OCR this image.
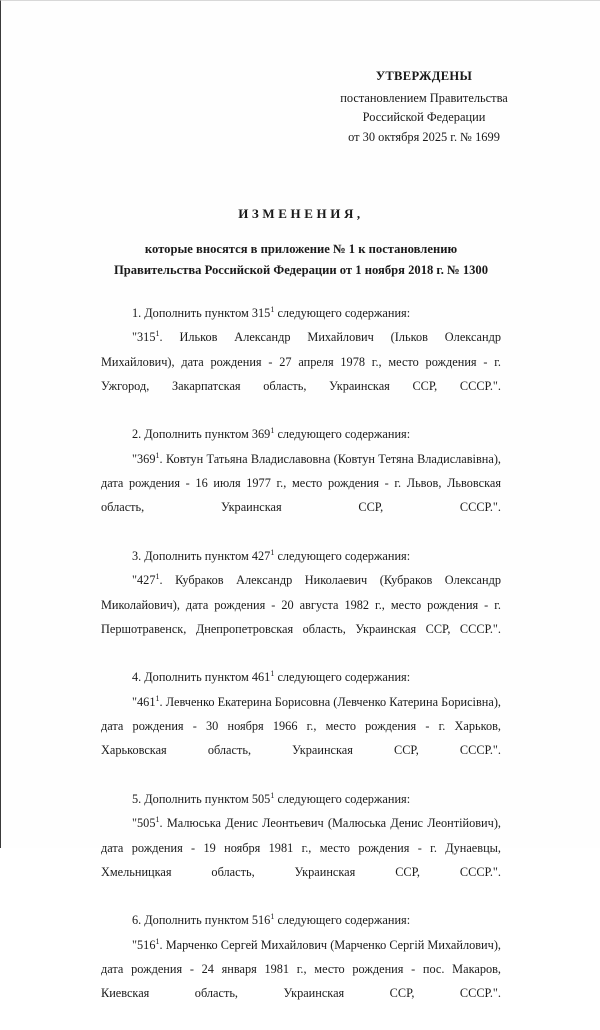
УТВЕРЖДЕНЫ
постановлением Правительства
Российской Федерации
от 30 октября 2025 г. № 1699
ИЗМЕНЕНИЯ,
которые вносятся в приложение № 1 к постановлению
Правительства Российской Федерации от 1 ноября 2018 г. № 1300

1. Дополнить пунктом $315^1$ следующего содержания:

"$315^1$. Ильков Александр Михайлович (Ільков Олександр Михайлович), дата рождения - 27 апреля 1978 г., место рождения - г. Ужгород, Закарпатская область, Украинская ССР, СССР.".

2. Дополнить пунктом $369^1$ следующего содержания:

"$369^1$. Ковтун Татьяна Владиславовна (Ковтун Тетяна Владиславівна), дата рождения - 16 июля 1977 г., место рождения - г. Львов, Львовская область, Украинская ССР, СССР.".

3. Дополнить пунктом $427^1$ следующего содержания:

"$427^1$. Кубраков Александр Николаевич (Кубраков Олександр Миколайович), дата рождения - 20 августа 1982 г., место рождения - г. Першотравенск, Днепропетровская область, Украинская ССР, СССР.".

4. Дополнить пунктом $461^1$ следующего содержания:

"$461^1$. Левченко Екатерина Борисовна (Левченко Катерина Борисівна), дата рождения - 30 ноября 1966 г., место рождения - г. Харьков, Харьковская область, Украинская ССР, СССР.".

5. Дополнить пунктом $505^1$ следующего содержания:

"$505^1$. Малюська Денис Леонтьевич (Малюська Денис Леонтійович), дата рождения - 19 ноября 1981 г., место рождения - г. Дунаевцы, Хмельницкая область, Украинская ССР, СССР.".

6. Дополнить пунктом $516^1$ следующего содержания:

"$516^1$. Марченко Сергей Михайлович (Марченко Сергій Михайлович), дата рождения - 24 января 1981 г., место рождения - пос. Макаров, Киевская область, Украинская ССР, СССР.".
